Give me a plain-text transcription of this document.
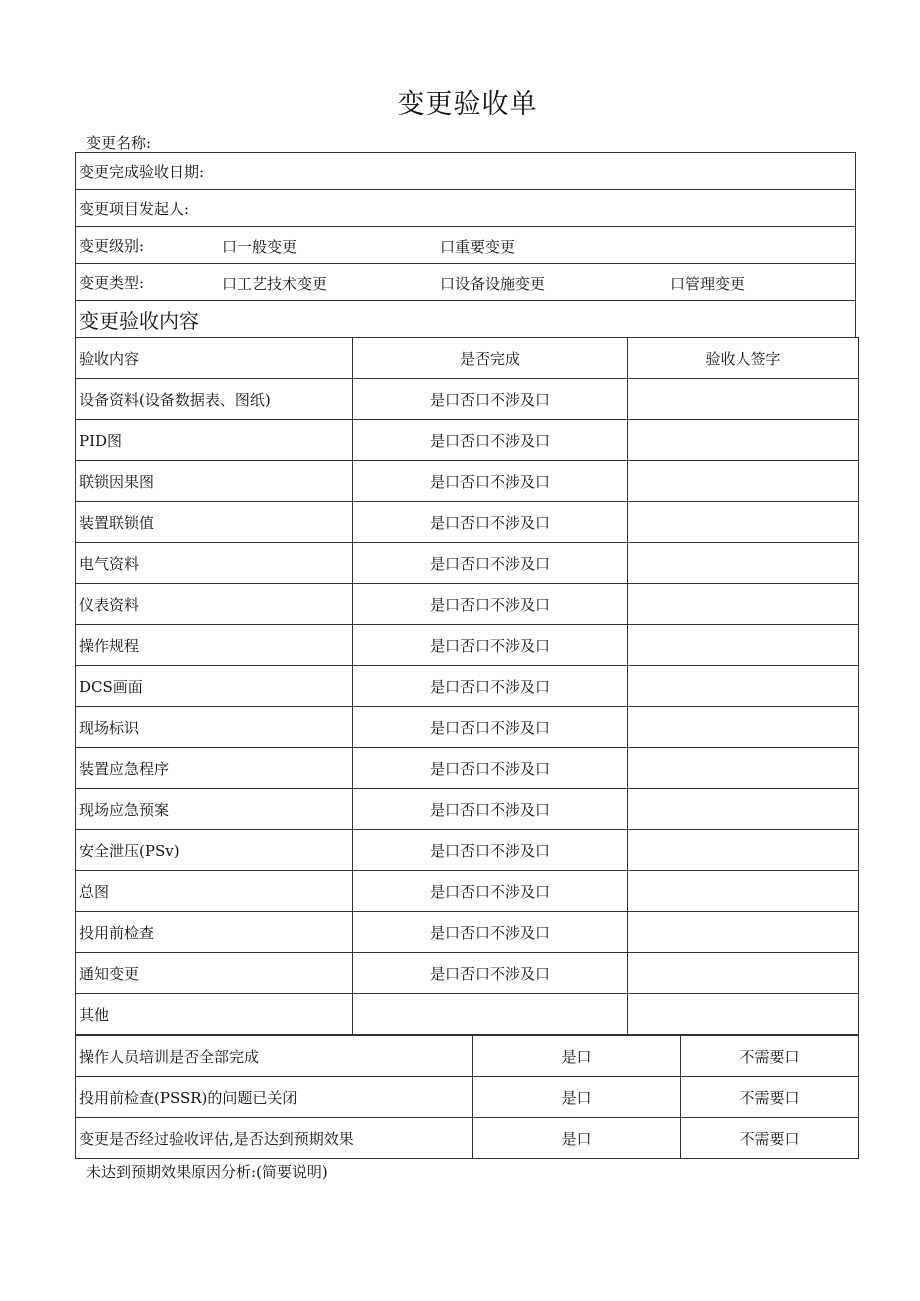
变更验收单
变更名称:
变更完成验收日期:
变更项目发起人:
变更级别:	口一般变更	口重要变更

变更类型:	口工艺技术变更	口设备设施变更	口管理变更

变更验收内容
验收内容	是否完成	验收人签字
设备资料(设备数据表、图纸)	是口否口不涉及口	
PID图	是口否口不涉及口	
联锁因果图	是口否口不涉及口	
装置联锁值	是口否口不涉及口	
电气资料	是口否口不涉及口	
仪表资料	是口否口不涉及口	
操作规程	是口否口不涉及口	
DCS画面	是口否口不涉及口	
现场标识	是口否口不涉及口	
装置应急程序	是口否口不涉及口	
现场应急预案	是口否口不涉及口	
安全泄压(PSv)	是口否口不涉及口	
总图	是口否口不涉及口	
投用前检查	是口否口不涉及口	
通知变更	是口否口不涉及口	
其他		
操作人员培训是否全部完成	是口	不需要口
投用前检查(PSSR)的问题已关闭	是口	不需要口
变更是否经过验收评估,是否达到预期效果	是口	不需要口
未达到预期效果原因分析:(简要说明)
